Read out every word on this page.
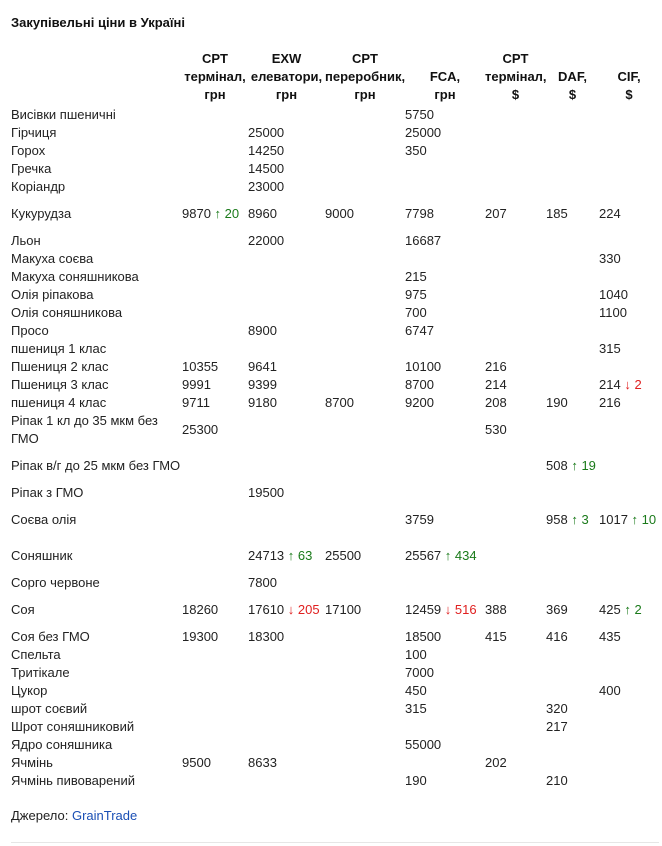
Закупівельні ціни в Україні

	CPT
термінал,
грн	EXW
елеватори,
грн	CPT
переробник,
грн	FCA,
грн	CPT
термінал,
$	DAF,
$	CIF,
$

Висівки пшеничні				5750			
Гірчиця		25000		25000			
Горох		14250		350			
Гречка		14500					
Коріандр		23000					
Кукурудза	9870 ↑ 20	8960	9000	7798	207	185	224
Льон		22000		16687			
Макуха соєва							330
Макуха соняшникова				215			
Олія ріпакова				975			1040
Олія соняшникова				700			1100
Просо		8900		6747			
пшениця 1 клас							315
Пшениця 2 клас	10355	9641		10100	216		
Пшениця 3 клас	9991	9399		8700	214		214 ↓ 2
пшениця 4 клас	9711	9180	8700	9200	208	190	216
Ріпак 1 кл до 35 мкм без ГМО	25300				530		
Ріпак в/г до 25 мкм без ГМО						508 ↑ 19	
Ріпак з ГМО		19500					
Соєва олія				3759		958 ↑ 3	1017 ↑ 10
Соняшник		24713 ↑ 63	25500	25567 ↑ 434			
Сорго червоне		7800					
Соя	18260	17610 ↓ 205	17100	12459 ↓ 516	388	369	425 ↑ 2
Соя без ГМО	19300	18300		18500	415	416	435
Спельта				100			
Тритікале				7000			
Цукор				450			400
шрот соєвий				315		320	
Шрот соняшниковий						217	
Ядро соняшника				55000			
Ячмінь	9500	8633			202		
Ячмінь пивоварений				190		210	
Джерело: GrainTrade
